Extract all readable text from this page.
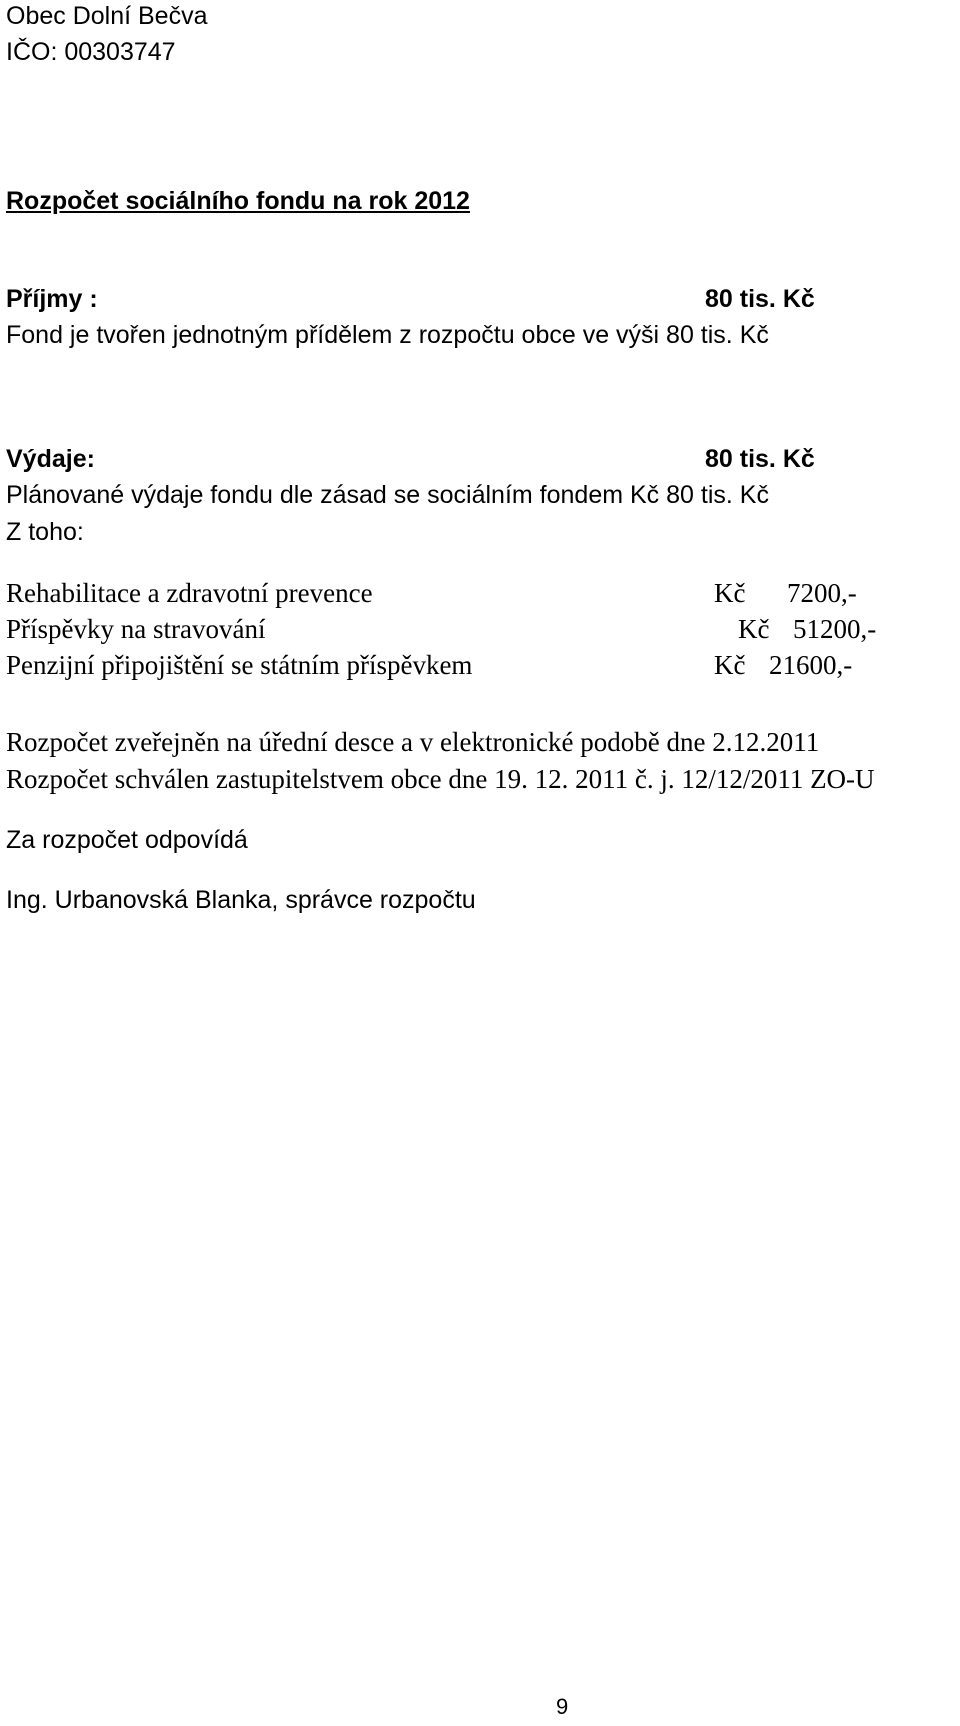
Obec Dolní Bečva
IČO: 00303747
Rozpočet sociálního fondu na rok 2012
Příjmy :	80 tis. Kč
Fond je tvořen jednotným přídělem z rozpočtu obce ve výši 80 tis. Kč
Výdaje:	80 tis. Kč
Plánované výdaje fondu dle zásad se sociálním fondem Kč 80 tis. Kč
Z toho:
Rehabilitace a zdravotní prevence	Kč 7200,-
Příspěvky na stravování	Kč 51200,-
Penzijní připojištění se státním příspěvkem	Kč 21600,-
Rozpočet zveřejněn na úřední desce a v elektronické podobě dne 2.12.2011
Rozpočet schválen zastupitelstvem obce dne 19. 12. 2011 č. j. 12/12/2011 ZO-U
Za rozpočet odpovídá
Ing. Urbanovská Blanka, správce rozpočtu
9
